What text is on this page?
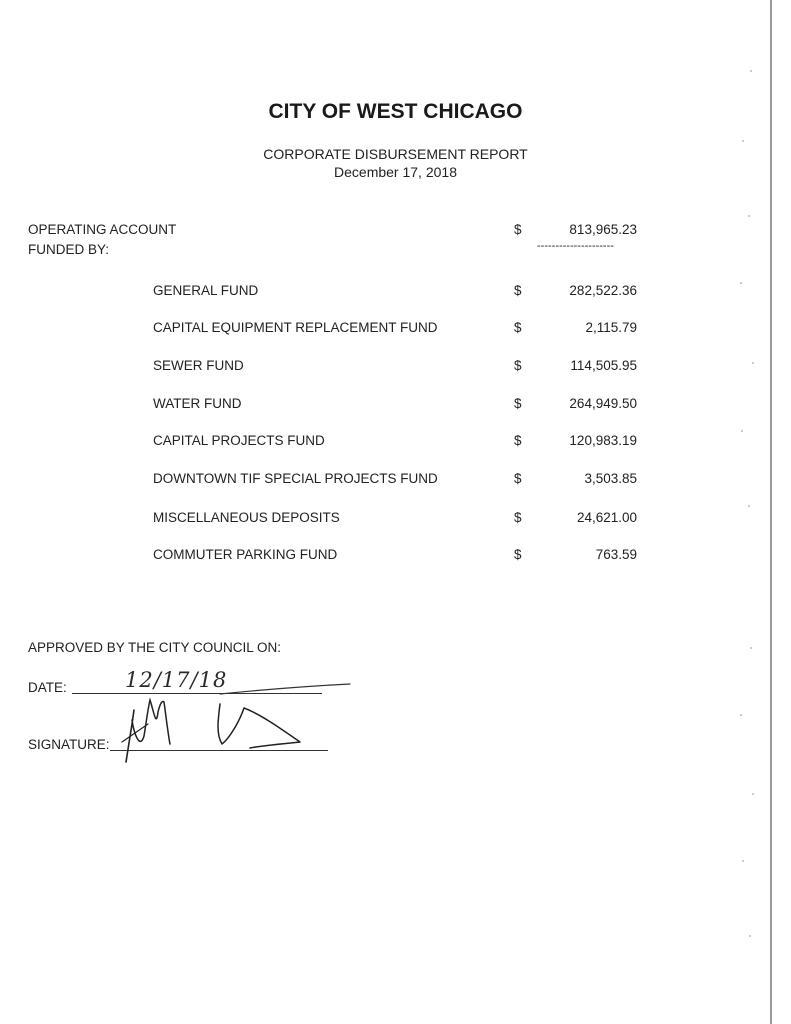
CITY OF WEST CHICAGO
CORPORATE DISBURSEMENT REPORT
December 17, 2018
OPERATING ACCOUNT	$	813,965.23
---------------------
FUNDED BY:
GENERAL FUND	$	282,522.36
CAPITAL EQUIPMENT REPLACEMENT FUND	$	2,115.79
SEWER FUND	$	114,505.95
WATER FUND	$	264,949.50
CAPITAL PROJECTS FUND	$	120,983.19
DOWNTOWN TIF SPECIAL PROJECTS FUND	$	3,503.85
MISCELLANEOUS DEPOSITS	$	24,621.00
COMMUTER PARKING FUND	$	763.59
APPROVED BY THE CITY COUNCIL ON:
DATE:	12/17/18
SIGNATURE:
